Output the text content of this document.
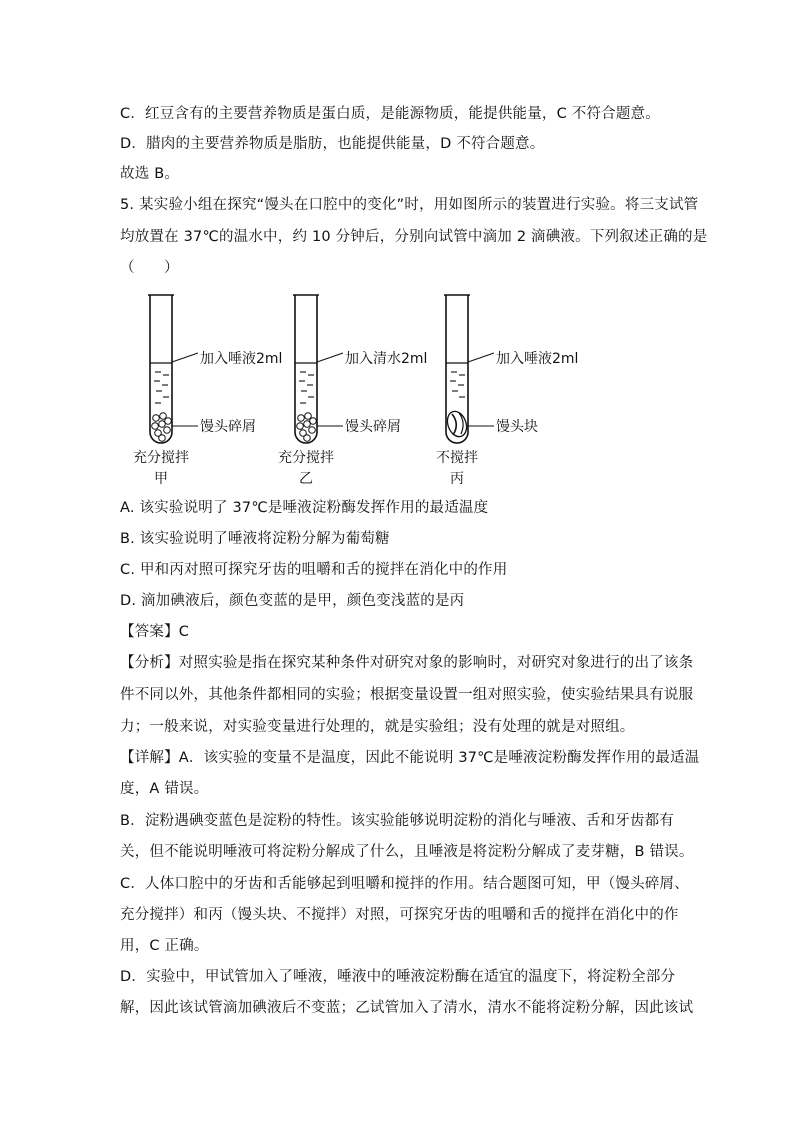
C．红豆含有的主要营养物质是蛋白质，是能源物质，能提供能量，C 不符合题意。
D．腊肉的主要营养物质是脂肪，也能提供能量，D 不符合题意。
故选 B。
5. 某实验小组在探究“馒头在口腔中的变化”时，用如图所示的装置进行实验。将三支试管
均放置在 37℃的温水中，约 10 分钟后，分别向试管中滴加 2 滴碘液。下列叙述正确的是
（　　）
加入唾液2ml
馒头碎屑
充分搅拌
甲
加入清水2ml
馒头碎屑
充分搅拌
乙
加入唾液2ml
馒头块
不搅拌
丙
A. 该实验说明了 37℃是唾液淀粉酶发挥作用的最适温度
B. 该实验说明了唾液将淀粉分解为葡萄糖
C. 甲和丙对照可探究牙齿的咀嚼和舌的搅拌在消化中的作用
D. 滴加碘液后，颜色变蓝的是甲，颜色变浅蓝的是丙
【答案】C
【分析】对照实验是指在探究某种条件对研究对象的影响时，对研究对象进行的出了该条
件不同以外，其他条件都相同的实验；根据变量设置一组对照实验，使实验结果具有说服
力；一般来说，对实验变量进行处理的，就是实验组；没有处理的就是对照组。
【详解】A．该实验的变量不是温度，因此不能说明 37℃是唾液淀粉酶发挥作用的最适温
度，A 错误。
B．淀粉遇碘变蓝色是淀粉的特性。该实验能够说明淀粉的消化与唾液、舌和牙齿都有
关，但不能说明唾液可将淀粉分解成了什么，且唾液是将淀粉分解成了麦芽糖，B 错误。
C．人体口腔中的牙齿和舌能够起到咀嚼和搅拌的作用。结合题图可知，甲（馒头碎屑、
充分搅拌）和丙（馒头块、不搅拌）对照，可探究牙齿的咀嚼和舌的搅拌在消化中的作
用，C 正确。
D．实验中，甲试管加入了唾液，唾液中的唾液淀粉酶在适宜的温度下，将淀粉全部分
解，因此该试管滴加碘液后不变蓝；乙试管加入了清水，清水不能将淀粉分解，因此该试
